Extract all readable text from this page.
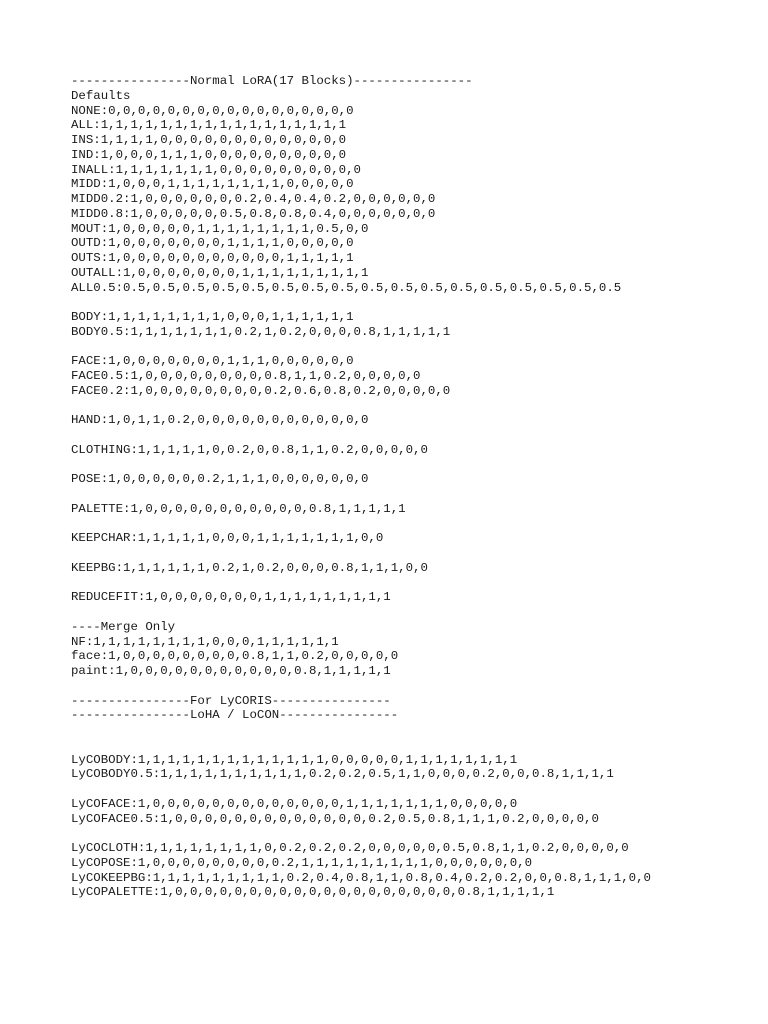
----------------Normal LoRA(17 Blocks)----------------
Defaults
NONE:0,0,0,0,0,0,0,0,0,0,0,0,0,0,0,0,0
ALL:1,1,1,1,1,1,1,1,1,1,1,1,1,1,1,1,1
INS:1,1,1,1,0,0,0,0,0,0,0,0,0,0,0,0,0
IND:1,0,0,0,1,1,1,0,0,0,0,0,0,0,0,0,0
INALL:1,1,1,1,1,1,1,0,0,0,0,0,0,0,0,0,0
MIDD:1,0,0,0,1,1,1,1,1,1,1,1,0,0,0,0,0
MIDD0.2:1,0,0,0,0,0,0,0.2,0.4,0.4,0.2,0,0,0,0,0,0
MIDD0.8:1,0,0,0,0,0,0.5,0.8,0.8,0.4,0,0,0,0,0,0,0
MOUT:1,0,0,0,0,0,1,1,1,1,1,1,1,1,0.5,0,0
OUTD:1,0,0,0,0,0,0,0,1,1,1,1,0,0,0,0,0
OUTS:1,0,0,0,0,0,0,0,0,0,0,0,1,1,1,1,1
OUTALL:1,0,0,0,0,0,0,0,1,1,1,1,1,1,1,1,1
ALL0.5:0.5,0.5,0.5,0.5,0.5,0.5,0.5,0.5,0.5,0.5,0.5,0.5,0.5,0.5,0.5,0.5,0.5
BODY:1,1,1,1,1,1,1,1,0,0,0,1,1,1,1,1,1
BODY0.5:1,1,1,1,1,1,1,0.2,1,0.2,0,0,0,0.8,1,1,1,1,1
FACE:1,0,0,0,0,0,0,0,1,1,1,0,0,0,0,0,0
FACE0.5:1,0,0,0,0,0,0,0,0,0.8,1,1,0.2,0,0,0,0,0
FACE0.2:1,0,0,0,0,0,0,0,0,0.2,0.6,0.8,0.2,0,0,0,0,0
HAND:1,0,1,1,0.2,0,0,0,0,0,0,0,0,0,0,0,0
CLOTHING:1,1,1,1,1,0,0.2,0,0.8,1,1,0.2,0,0,0,0,0
POSE:1,0,0,0,0,0,0.2,1,1,1,0,0,0,0,0,0,0
PALETTE:1,0,0,0,0,0,0,0,0,0,0,0,0.8,1,1,1,1,1
KEEPCHAR:1,1,1,1,1,0,0,0,1,1,1,1,1,1,1,0,0
KEEPBG:1,1,1,1,1,1,0.2,1,0.2,0,0,0,0.8,1,1,1,0,0
REDUCEFIT:1,0,0,0,0,0,0,0,1,1,1,1,1,1,1,1,1
----Merge Only
NF:1,1,1,1,1,1,1,1,0,0,0,1,1,1,1,1,1
face:1,0,0,0,0,0,0,0,0,0.8,1,1,0.2,0,0,0,0,0
paint:1,0,0,0,0,0,0,0,0,0,0,0,0.8,1,1,1,1,1
----------------For LyCORIS----------------
----------------LoHA / LoCON----------------
LyCOBODY:1,1,1,1,1,1,1,1,1,1,1,1,1,0,0,0,0,0,1,1,1,1,1,1,1,1
LyCOBODY0.5:1,1,1,1,1,1,1,1,1,1,0.2,0.2,0.5,1,1,0,0,0,0.2,0,0,0.8,1,1,1,1
LyCOFACE:1,0,0,0,0,0,0,0,0,0,0,0,0,0,1,1,1,1,1,1,1,0,0,0,0,0
LyCOFACE0.5:1,0,0,0,0,0,0,0,0,0,0,0,0,0,0.2,0.5,0.8,1,1,1,0.2,0,0,0,0,0
LyCOCLOTH:1,1,1,1,1,1,1,1,0,0.2,0.2,0.2,0,0,0,0,0,0.5,0.8,1,1,0.2,0,0,0,0,0
LyCOPOSE:1,0,0,0,0,0,0,0,0,0.2,1,1,1,1,1,1,1,1,1,0,0,0,0,0,0,0
LyCOKEEPBG:1,1,1,1,1,1,1,1,1,0.2,0.4,0.8,1,1,0.8,0.4,0.2,0.2,0,0,0.8,1,1,1,0,0
LyCOPALETTE:1,0,0,0,0,0,0,0,0,0,0,0,0,0,0,0,0,0,0,0,0.8,1,1,1,1,1
